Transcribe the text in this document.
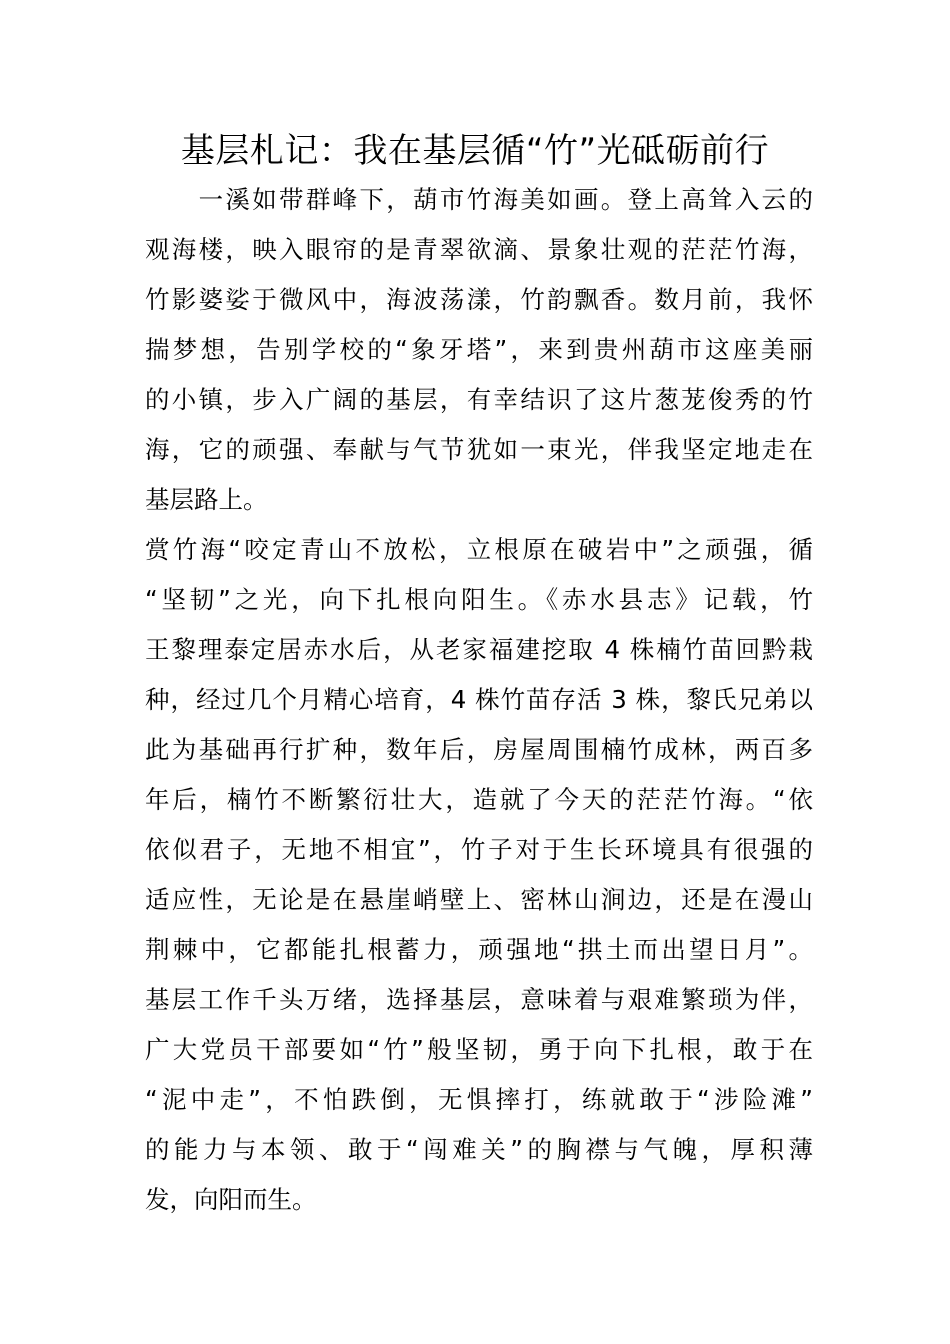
基层札记：我在基层循“竹”光砥砺前行
　　一溪如带群峰下，葫市竹海美如画。登上高耸入云的
观海楼，映入眼帘的是青翠欲滴、景象壮观的茫茫竹海，
竹影婆娑于微风中，海波荡漾，竹韵飘香。数月前，我怀
揣梦想，告别学校的“象牙塔”，来到贵州葫市这座美丽
的小镇，步入广阔的基层，有幸结识了这片葱茏俊秀的竹
海，它的顽强、奉献与气节犹如一束光，伴我坚定地走在
基层路上。
赏竹海“咬定青山不放松，立根原在破岩中”之顽强，循
“坚韧”之光，向下扎根向阳生。《赤水县志》记载，竹
王黎理泰定居赤水后，从老家福建挖取 4 株楠竹苗回黔栽
种，经过几个月精心培育，4 株竹苗存活 3 株，黎氏兄弟以
此为基础再行扩种，数年后，房屋周围楠竹成林，两百多
年后，楠竹不断繁衍壮大，造就了今天的茫茫竹海。“依
依似君子，无地不相宜”，竹子对于生长环境具有很强的
适应性，无论是在悬崖峭壁上、密林山涧边，还是在漫山
荆棘中，它都能扎根蓄力，顽强地“拱土而出望日月”。
基层工作千头万绪，选择基层，意味着与艰难繁琐为伴，
广大党员干部要如“竹”般坚韧，勇于向下扎根，敢于在
“泥中走”，不怕跌倒，无惧摔打，练就敢于“涉险滩”
的能力与本领、敢于“闯难关”的胸襟与气魄，厚积薄
发，向阳而生。
